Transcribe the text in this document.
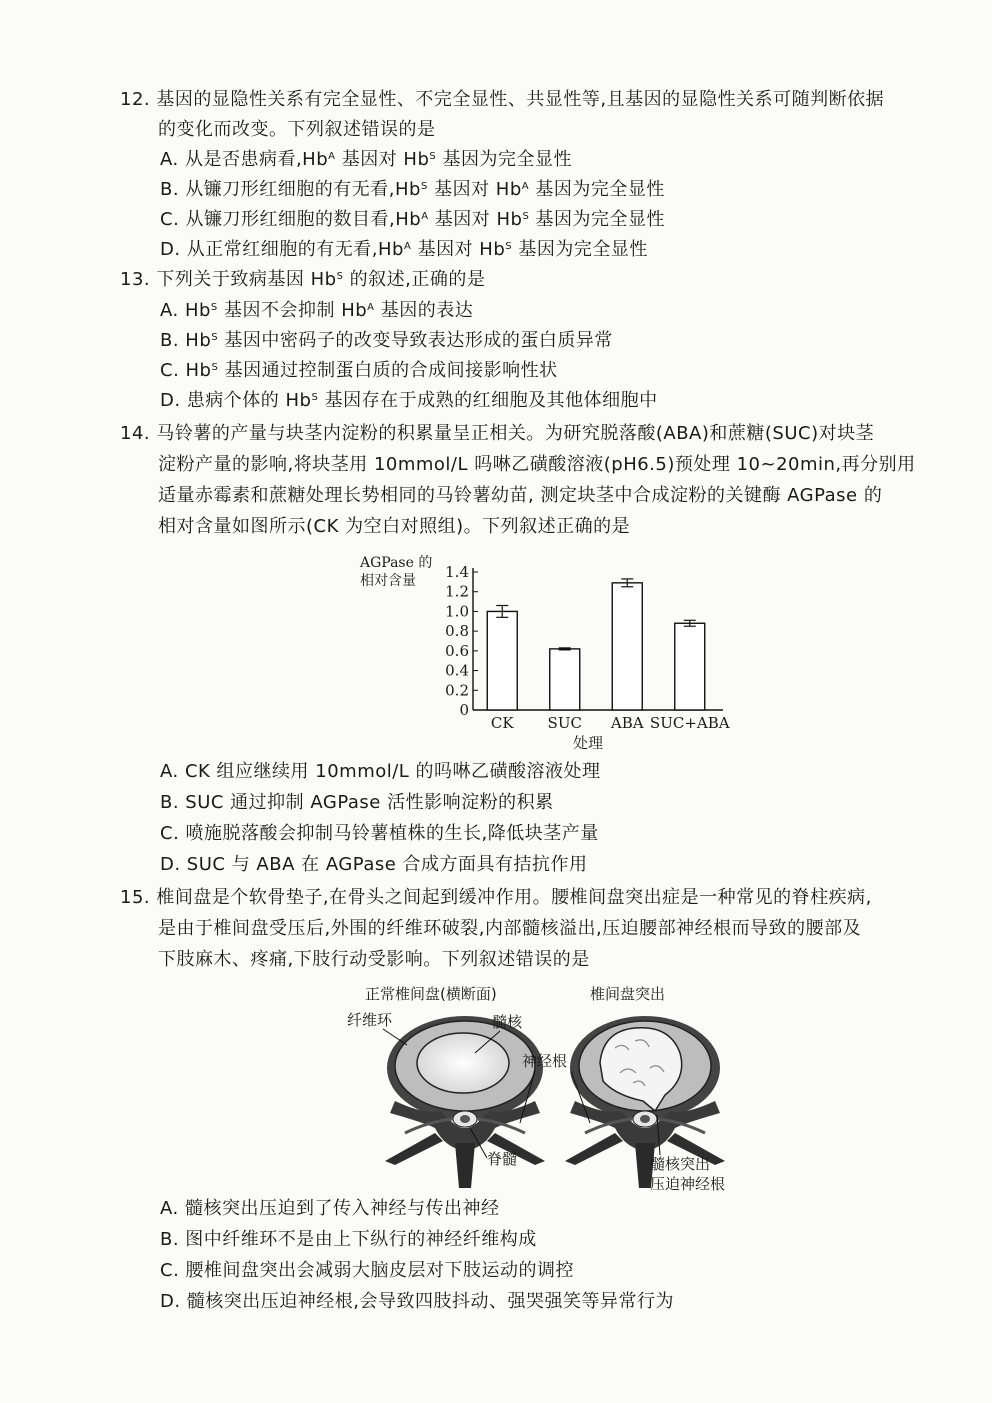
12. 基因的显隐性关系有完全显性、不完全显性、共显性等,且基因的显隐性关系可随判断依据
的变化而改变。下列叙述错误的是
A. 从是否患病看$,Hb^A$ 基因对 $Hb^S$ 基因为完全显性
B. 从镰刀形红细胞的有无看$,Hb^S$ 基因对 $Hb^A$ 基因为完全显性
C. 从镰刀形红细胞的数目看$,Hb^A$ 基因对 $Hb^S$ 基因为完全显性
D. 从正常红细胞的有无看$,Hb^A$ 基因对 $Hb^S$ 基因为完全显性
13. 下列关于致病基因 $Hb^S$ 的叙述,正确的是
A. $Hb^S$ 基因不会抑制 $Hb^A$ 基因的表达
B. $Hb^S$ 基因中密码子的改变导致表达形成的蛋白质异常
C. $Hb^S$ 基因通过控制蛋白质的合成间接影响性状
D. 患病个体的 $Hb^S$ 基因存在于成熟的红细胞及其他体细胞中
14. 马铃薯的产量与块茎内淀粉的积累量呈正相关。为研究脱落酸(ABA)和蔗糖(SUC)对块茎
淀粉产量的影响,将块茎用 10mmol/L 吗啉乙磺酸溶液(pH6.5)预处理 10~20min,再分别用
适量赤霉素和蔗糖处理长势相同的马铃薯幼苗, 测定块茎中合成淀粉的关键酶 AGPase 的
相对含量如图所示(CK 为空白对照组)。下列叙述正确的是
AGPase 的
相对含量 1.4
1.2
1.0
0.8
0.6
0.4
0.2
0
CK SUC ABA SUC+ABA
处理
A. CK 组应继续用 10mmol/L 的吗啉乙磺酸溶液处理
B. SUC 通过抑制 AGPase 活性影响淀粉的积累
C. 喷施脱落酸会抑制马铃薯植株的生长,降低块茎产量
D. SUC 与 ABA 在 AGPase 合成方面具有拮抗作用
15. 椎间盘是个软骨垫子,在骨头之间起到缓冲作用。腰椎间盘突出症是一种常见的脊柱疾病,
是由于椎间盘受压后,外围的纤维环破裂,内部髓核溢出,压迫腰部神经根而导致的腰部及
下肢麻木、疼痛,下肢行动受影响。下列叙述错误的是
正常椎间盘(横断面)	椎间盘突出
纤维环	髓核
神经根
脊髓	髓核突出
压迫神经根
A. 髓核突出压迫到了传入神经与传出神经
B. 图中纤维环不是由上下纵行的神经纤维构成
C. 腰椎间盘突出会减弱大脑皮层对下肢运动的调控
D. 髓核突出压迫神经根,会导致四肢抖动、强哭强笑等异常行为
